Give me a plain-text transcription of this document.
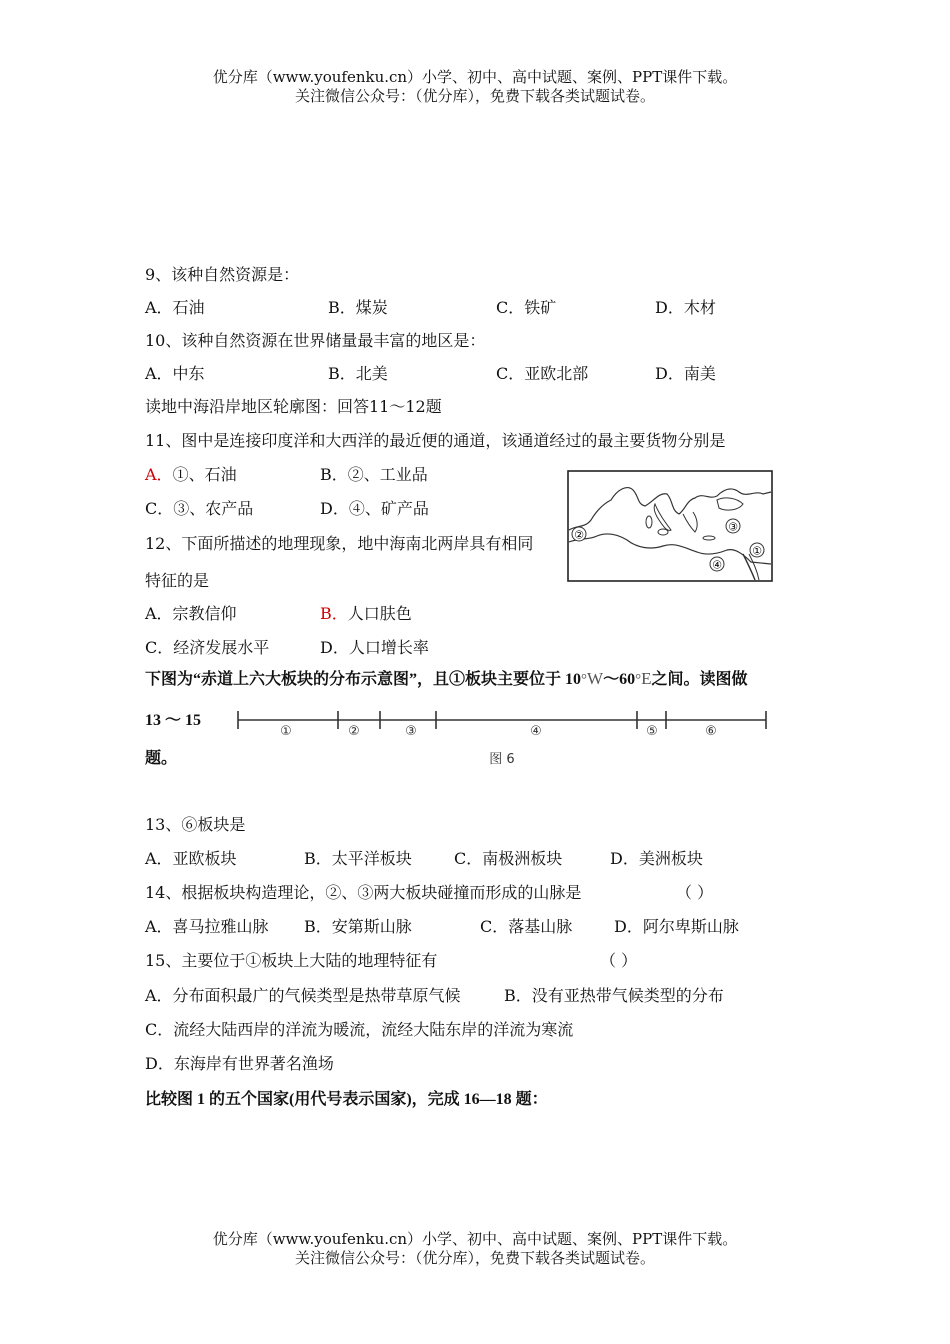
优分库（www.youfenku.cn）小学、初中、高中试题、案例、PPT课件下载。
关注微信公众号：（优分库），免费下载各类试题试卷。
9、该种自然资源是：
A．石油	B．煤炭	C．铁矿	D．木材
10、该种自然资源在世界储量最丰富的地区是：
A．中东	B．北美	C．亚欧北部	D．南美
读地中海沿岸地区轮廓图：回答11～12题
11、图中是连接印度洋和大西洋的最近便的通道，该通道经过的最主要货物分别是
A．①、石油	B．②、工业品
C．③、农产品	D．④、矿产品
12、下面所描述的地理现象，地中海南北两岸具有相同
特征的是
A．宗教信仰	B．人口肤色
C．经济发展水平	D．人口增长率
②
③
①
④
下图为“赤道上六大板块的分布示意图”，且①板块主要位于 10°W～60°E之间。读图做
13 ～ 15
题。
①	②	③	④	⑤	⑥
图 6
13、⑥板块是
A．亚欧板块	B．太平洋板块	C．南极洲板块	D．美洲板块
14、根据板块构造理论，②、③两大板块碰撞而形成的山脉是	（ ）
A．喜马拉雅山脉 B．安第斯山脉	C．落基山脉	D．阿尔卑斯山脉
15、主要位于①板块上大陆的地理特征有	（ ）
A．分布面积最广的气候类型是热带草原气候	B．没有亚热带气候类型的分布
C．流经大陆西岸的洋流为暖流，流经大陆东岸的洋流为寒流
D．东海岸有世界著名渔场
比较图 1 的五个国家(用代号表示国家)，完成 16—18 题：
优分库（www.youfenku.cn）小学、初中、高中试题、案例、PPT课件下载。
关注微信公众号：（优分库），免费下载各类试题试卷。
